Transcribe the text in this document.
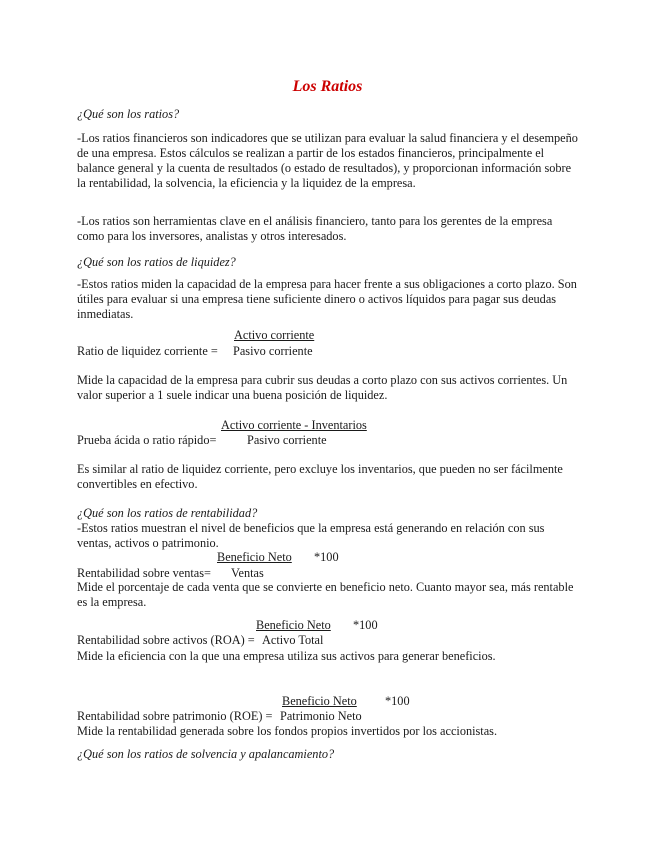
Los Ratios

¿Qué son los ratios?

-Los ratios financieros son indicadores que se utilizan para evaluar la salud financiera y el desempeño de una empresa. Estos cálculos se realizan a partir de los estados financieros, principalmente el balance general y la cuenta de resultados (o estado de resultados), y proporcionan información sobre la rentabilidad, la solvencia, la eficiencia y la liquidez de la empresa.

-Los ratios son herramientas clave en el análisis financiero, tanto para los gerentes de la empresa como para los inversores, analistas y otros interesados.

¿Qué son los ratios de liquidez?

-Estos ratios miden la capacidad de la empresa para hacer frente a sus obligaciones a corto plazo. Son útiles para evaluar si una empresa tiene suficiente dinero o activos líquidos para pagar sus deudas inmediatas.

Activo corriente
Ratio de liquidez corriente = Pasivo corriente

Mide la capacidad de la empresa para cubrir sus deudas a corto plazo con sus activos corrientes. Un valor superior a 1 suele indicar una buena posición de liquidez.

Activo corriente - Inventarios
Prueba ácida o ratio rápido= Pasivo corriente

Es similar al ratio de liquidez corriente, pero excluye los inventarios, que pueden no ser fácilmente convertibles en efectivo.

¿Qué son los ratios de rentabilidad?

-Estos ratios muestran el nivel de beneficios que la empresa está generando en relación con sus ventas, activos o patrimonio.

Beneficio Neto *100
Rentabilidad sobre ventas= Ventas

Mide el porcentaje de cada venta que se convierte en beneficio neto. Cuanto mayor sea, más rentable es la empresa.

Beneficio Neto *100
Rentabilidad sobre activos (ROA) = Activo Total

Mide la eficiencia con la que una empresa utiliza sus activos para generar beneficios.

Beneficio Neto *100
Rentabilidad sobre patrimonio (ROE) = Patrimonio Neto

Mide la rentabilidad generada sobre los fondos propios invertidos por los accionistas.

¿Qué son los ratios de solvencia y apalancamiento?
